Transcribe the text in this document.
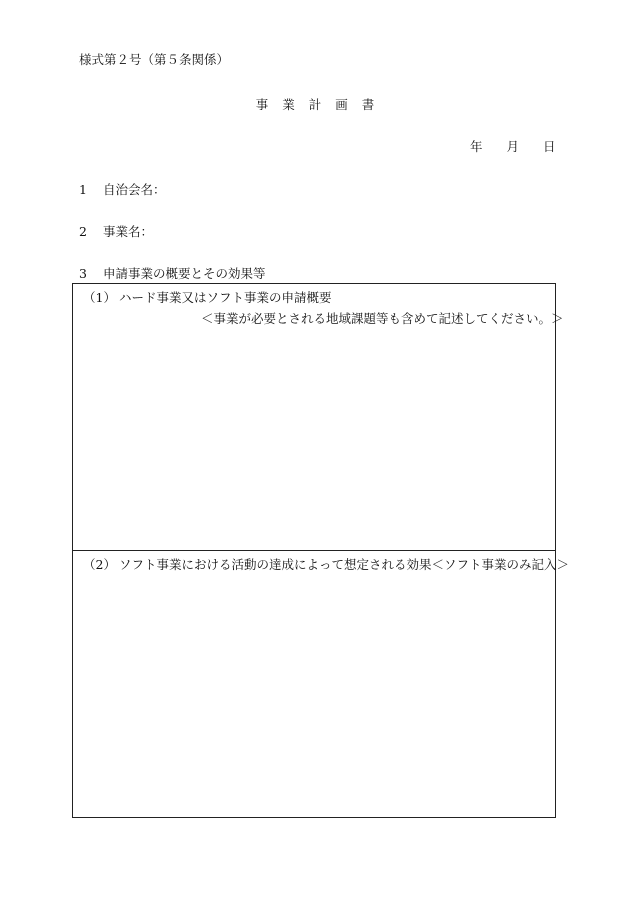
様式第２号（第５条関係）
事 業 計 画 書
年 月 日
1 自治会名：
2 事業名：
3 申請事業の概要とその効果等
（1） ハード事業又はソフト事業の申請概要
＜事業が必要とされる地域課題等も含めて記述してください。＞
（2） ソフト事業における活動の達成によって想定される効果＜ソフト事業のみ記入＞
